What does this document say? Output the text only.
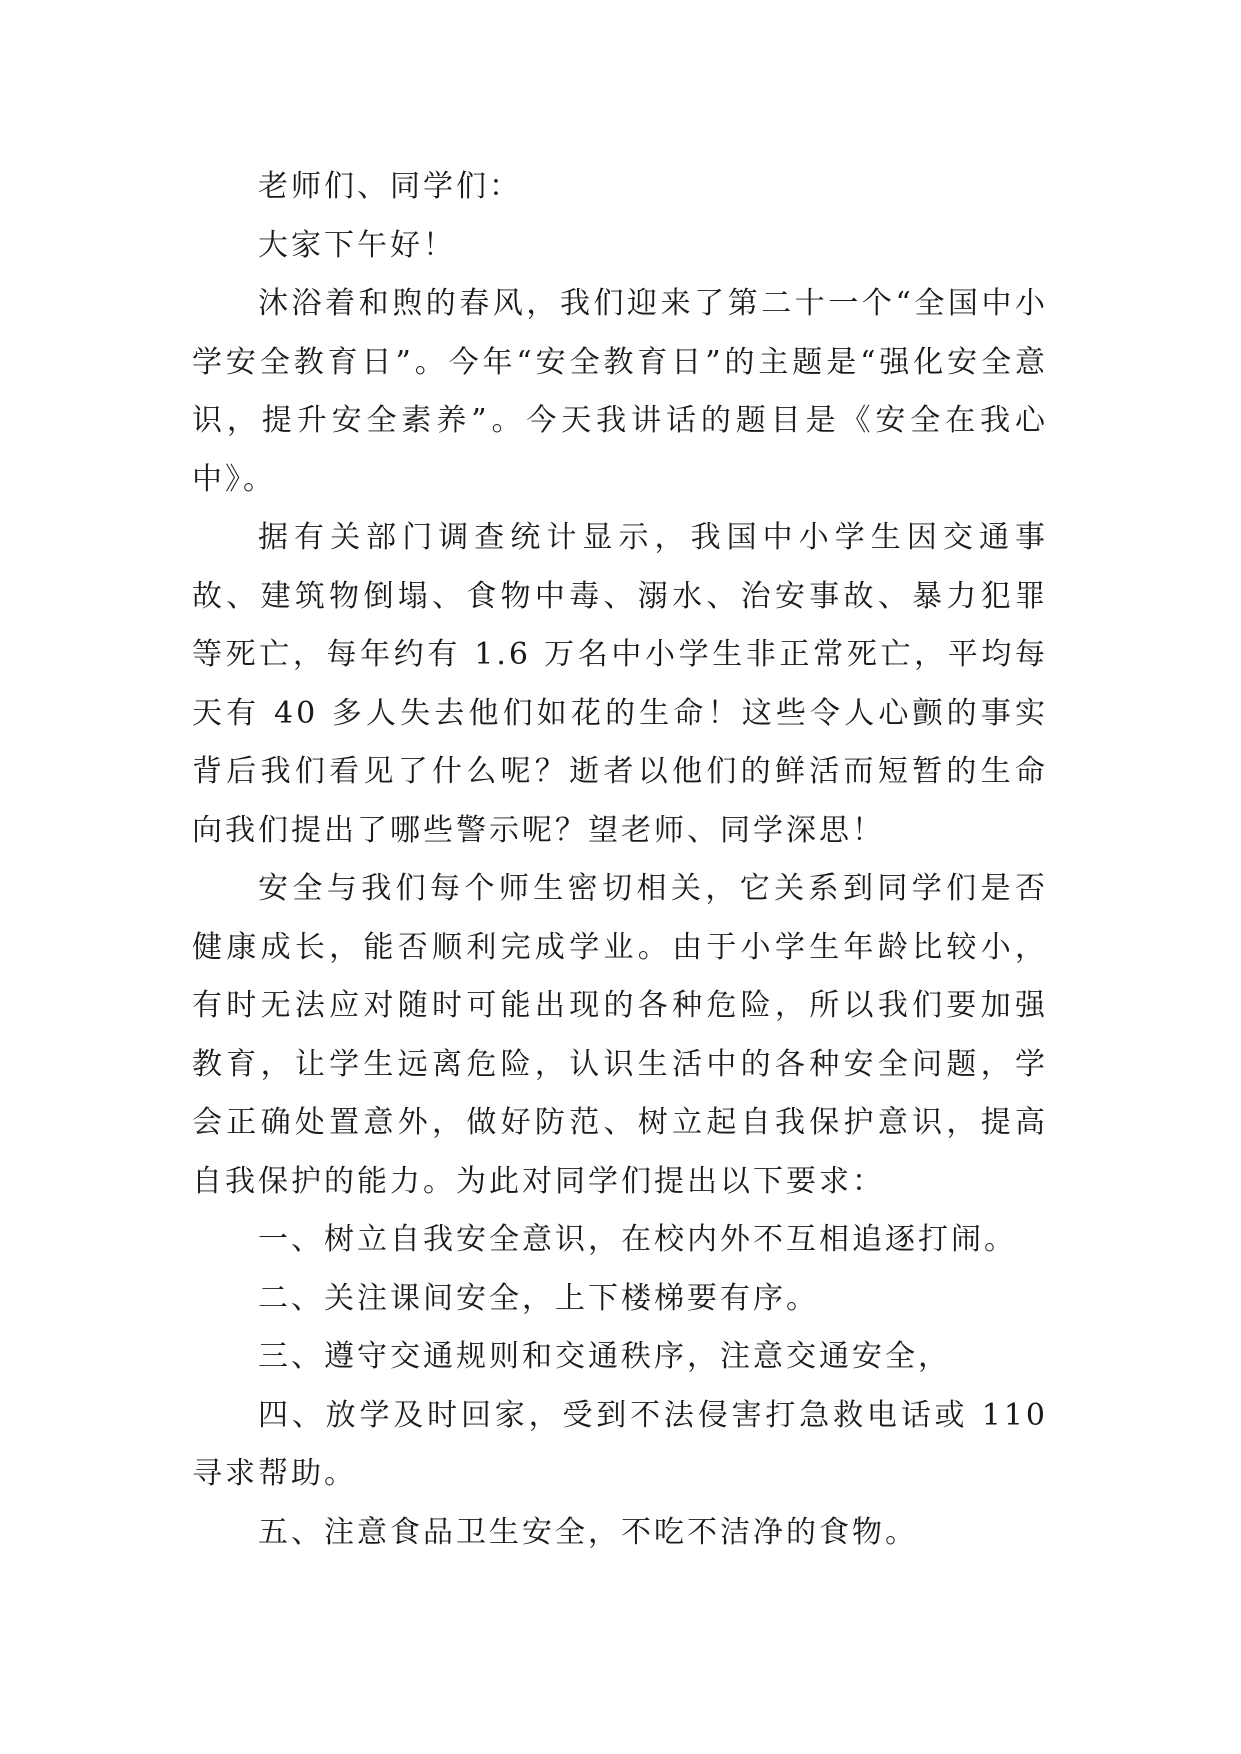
老师们、同学们：

大家下午好！

沐浴着和煦的春风，我们迎来了第二十一个“全国中小学安全教育日”。今年“安全教育日”的主题是“强化安全意识，提升安全素养”。今天我讲话的题目是《安全在我心中》。

据有关部门调查统计显示，我国中小学生因交通事故、建筑物倒塌、食物中毒、溺水、治安事故、暴力犯罪等死亡，每年约有 1.6 万名中小学生非正常死亡，平均每天有 40 多人失去他们如花的生命！这些令人心颤的事实背后我们看见了什么呢？逝者以他们的鲜活而短暂的生命向我们提出了哪些警示呢？望老师、同学深思！

安全与我们每个师生密切相关，它关系到同学们是否健康成长，能否顺利完成学业。由于小学生年龄比较小，有时无法应对随时可能出现的各种危险，所以我们要加强教育，让学生远离危险，认识生活中的各种安全问题，学会正确处置意外，做好防范、树立起自我保护意识，提高自我保护的能力。为此对同学们提出以下要求：

一、树立自我安全意识，在校内外不互相追逐打闹。

二、关注课间安全，上下楼梯要有序。

三、遵守交通规则和交通秩序，注意交通安全，

四、放学及时回家，受到不法侵害打急救电话或 110 寻求帮助。

五、注意食品卫生安全，不吃不洁净的食物。
